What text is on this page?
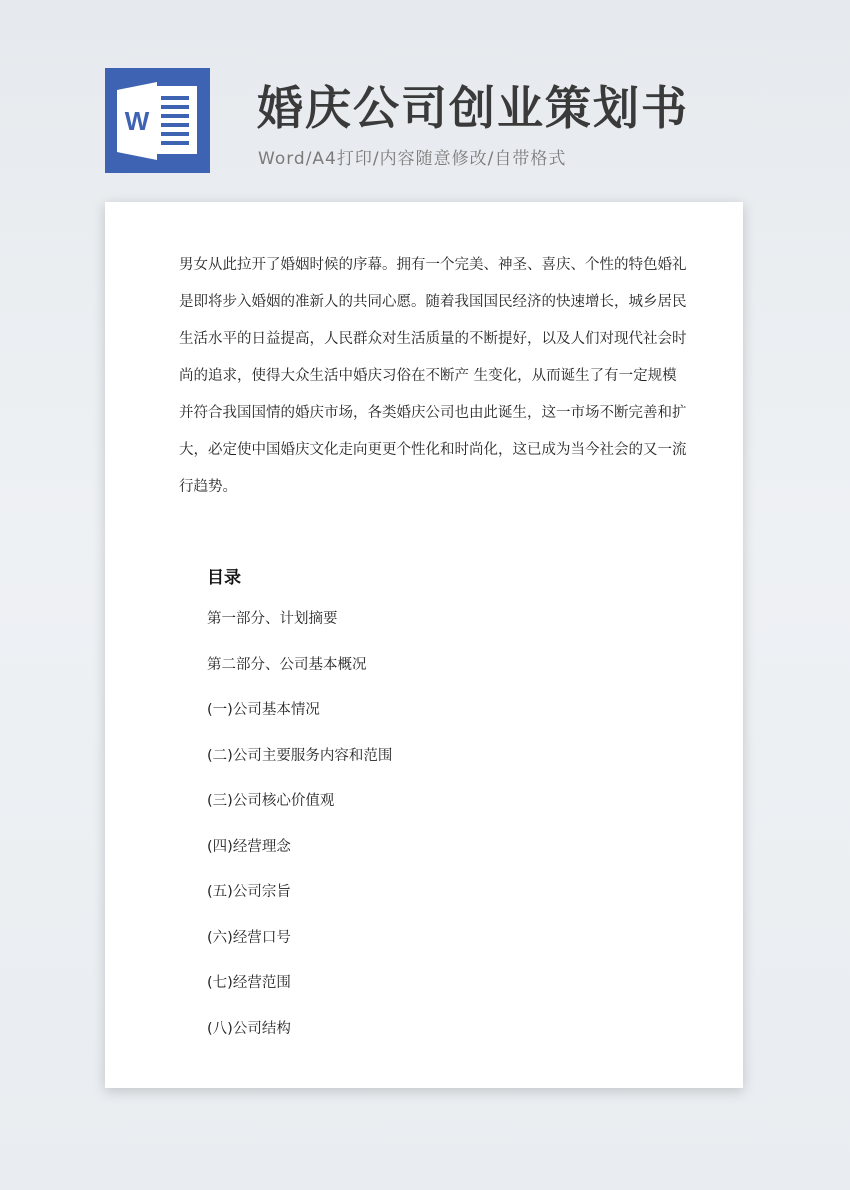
W 婚庆公司创业策划书
Word/A4打印/内容随意修改/自带格式

男女从此拉开了婚姻时候的序幕。拥有一个完美、神圣、喜庆、个性的特色婚礼
是即将步入婚姻的准新人的共同心愿。随着我国国民经济的快速增长，城乡居民
生活水平的日益提高，人民群众对生活质量的不断提好，以及人们对现代社会时
尚的追求，使得大众生活中婚庆习俗在不断产 生变化，从而诞生了有一定规模
并符合我国国情的婚庆市场，各类婚庆公司也由此诞生，这一市场不断完善和扩
大，必定使中国婚庆文化走向更更个性化和时尚化，这已成为当今社会的又一流
行趋势。

目录
第一部分、计划摘要
第二部分、公司基本概况
(一)公司基本情况
(二)公司主要服务内容和范围
(三)公司核心价值观
(四)经营理念
(五)公司宗旨
(六)经营口号
(七)经营范围
(八)公司结构
